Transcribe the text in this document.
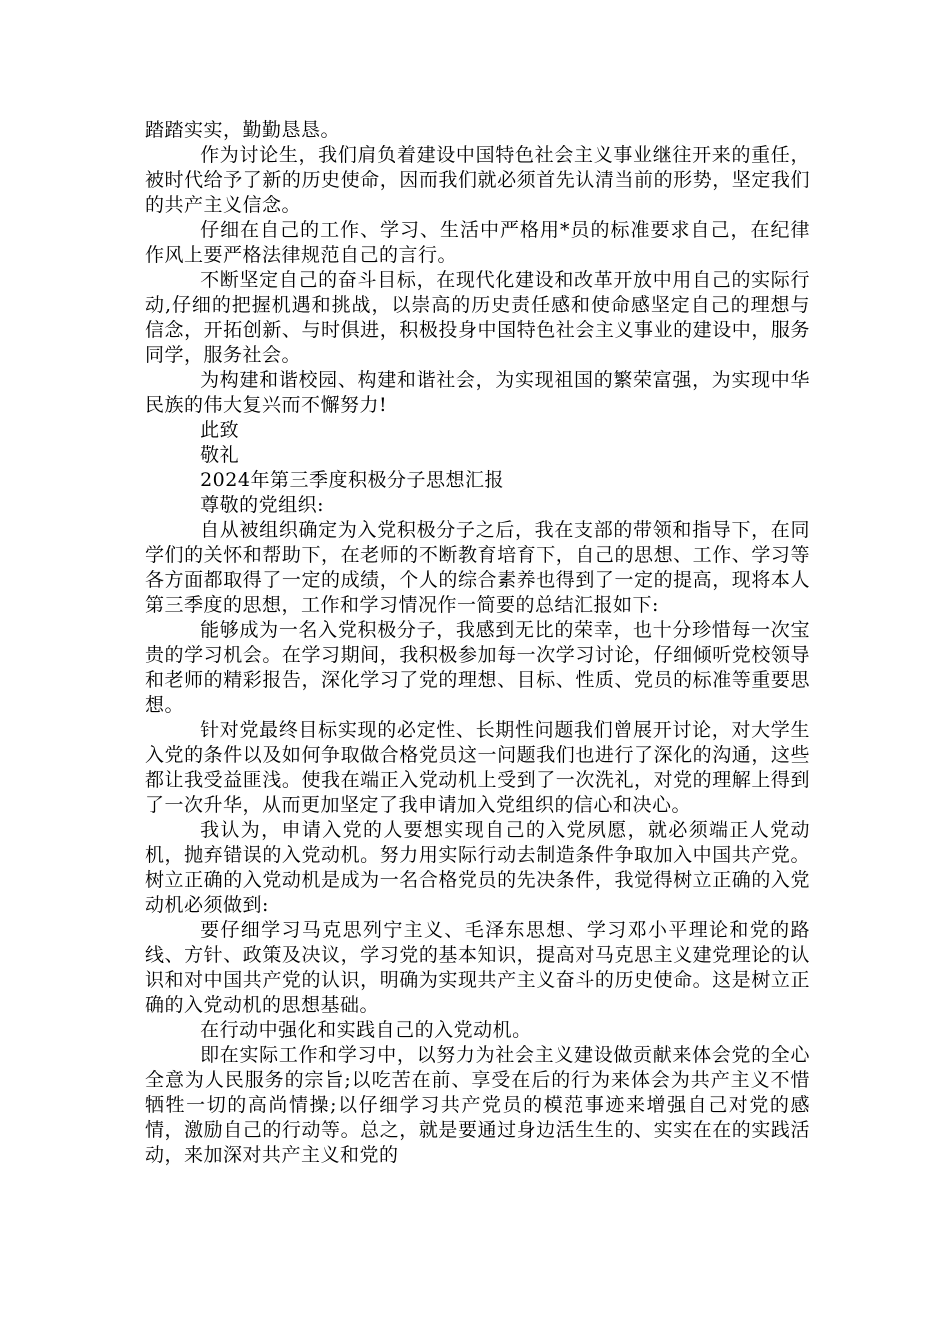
踏踏实实，勤勤恳恳。

作为讨论生，我们肩负着建设中国特色社会主义事业继往开来的重任，被时代给予了新的历史使命，因而我们就必须首先认清当前的形势，坚定我们的共产主义信念。

仔细在自己的工作、学习、生活中严格用*员的标准要求自己，在纪律作风上要严格法律规范自己的言行。

不断坚定自己的奋斗目标，在现代化建设和改革开放中用自己的实际行动,仔细的把握机遇和挑战，以崇高的历史责任感和使命感坚定自己的理想与信念，开拓创新、与时俱进，积极投身中国特色社会主义事业的建设中，服务同学，服务社会。

为构建和谐校园、构建和谐社会，为实现祖国的繁荣富强，为实现中华民族的伟大复兴而不懈努力!

此致

敬礼

2024年第三季度积极分子思想汇报

尊敬的党组织:

自从被组织确定为入党积极分子之后，我在支部的带领和指导下，在同学们的关怀和帮助下，在老师的不断教育培育下，自己的思想、工作、学习等各方面都取得了一定的成绩，个人的综合素养也得到了一定的提高，现将本人第三季度的思想，工作和学习情况作一简要的总结汇报如下:

能够成为一名入党积极分子，我感到无比的荣幸，也十分珍惜每一次宝贵的学习机会。在学习期间，我积极参加每一次学习讨论，仔细倾听党校领导和老师的精彩报告，深化学习了党的理想、目标、性质、党员的标准等重要思想。

针对党最终目标实现的必定性、长期性问题我们曾展开讨论，对大学生入党的条件以及如何争取做合格党员这一问题我们也进行了深化的沟通，这些都让我受益匪浅。使我在端正入党动机上受到了一次洗礼，对党的理解上得到了一次升华，从而更加坚定了我申请加入党组织的信心和决心。

我认为，申请入党的人要想实现自己的入党夙愿，就必须端正人党动机，抛弃错误的入党动机。努力用实际行动去制造条件争取加入中国共产党。树立正确的入党动机是成为一名合格党员的先决条件，我觉得树立正确的入党动机必须做到:

要仔细学习马克思列宁主义、毛泽东思想、学习邓小平理论和党的路线、方针、政策及决议，学习党的基本知识，提高对马克思主义建党理论的认识和对中国共产党的认识，明确为实现共产主义奋斗的历史使命。这是树立正确的入党动机的思想基础。

在行动中强化和实践自己的入党动机。

即在实际工作和学习中，以努力为社会主义建设做贡献来体会党的全心全意为人民服务的宗旨;以吃苦在前、享受在后的行为来体会为共产主义不惜牺牲一切的高尚情操;以仔细学习共产党员的模范事迹来增强自己对党的感情，激励自己的行动等。总之，就是要通过身边活生生的、实实在在的实践活动，来加深对共产主义和党的
